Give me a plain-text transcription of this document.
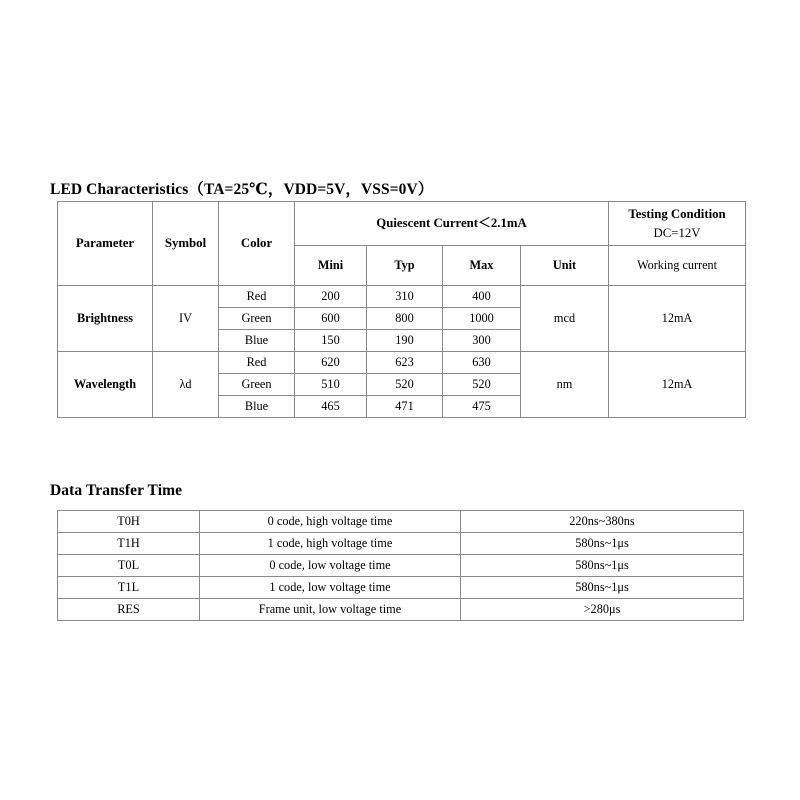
LED Characteristics（TA=25℃，VDD=5V，VSS=0V）
Parameter	Symbol	Color	Quiescent Current＜2.1mA				Testing Condition
DC=12V
			Mini	Typ	Max	Unit	Working current
Brightness	IV	Red	200	310	400	mcd	12mA
		Green	600	800	1000		
		Blue	150	190	300		
Wavelength	λd	Red	620	623	630	nm	12mA
		Green	510	520	520		
		Blue	465	471	475		
Data Transfer Time
T0H	0 code, high voltage time	220ns~380ns
T1H	1 code, high voltage time	580ns~1μs
T0L	0 code, low voltage time	580ns~1μs
T1L	1 code, low voltage time	580ns~1μs
RES	Frame unit, low voltage time	>280μs
